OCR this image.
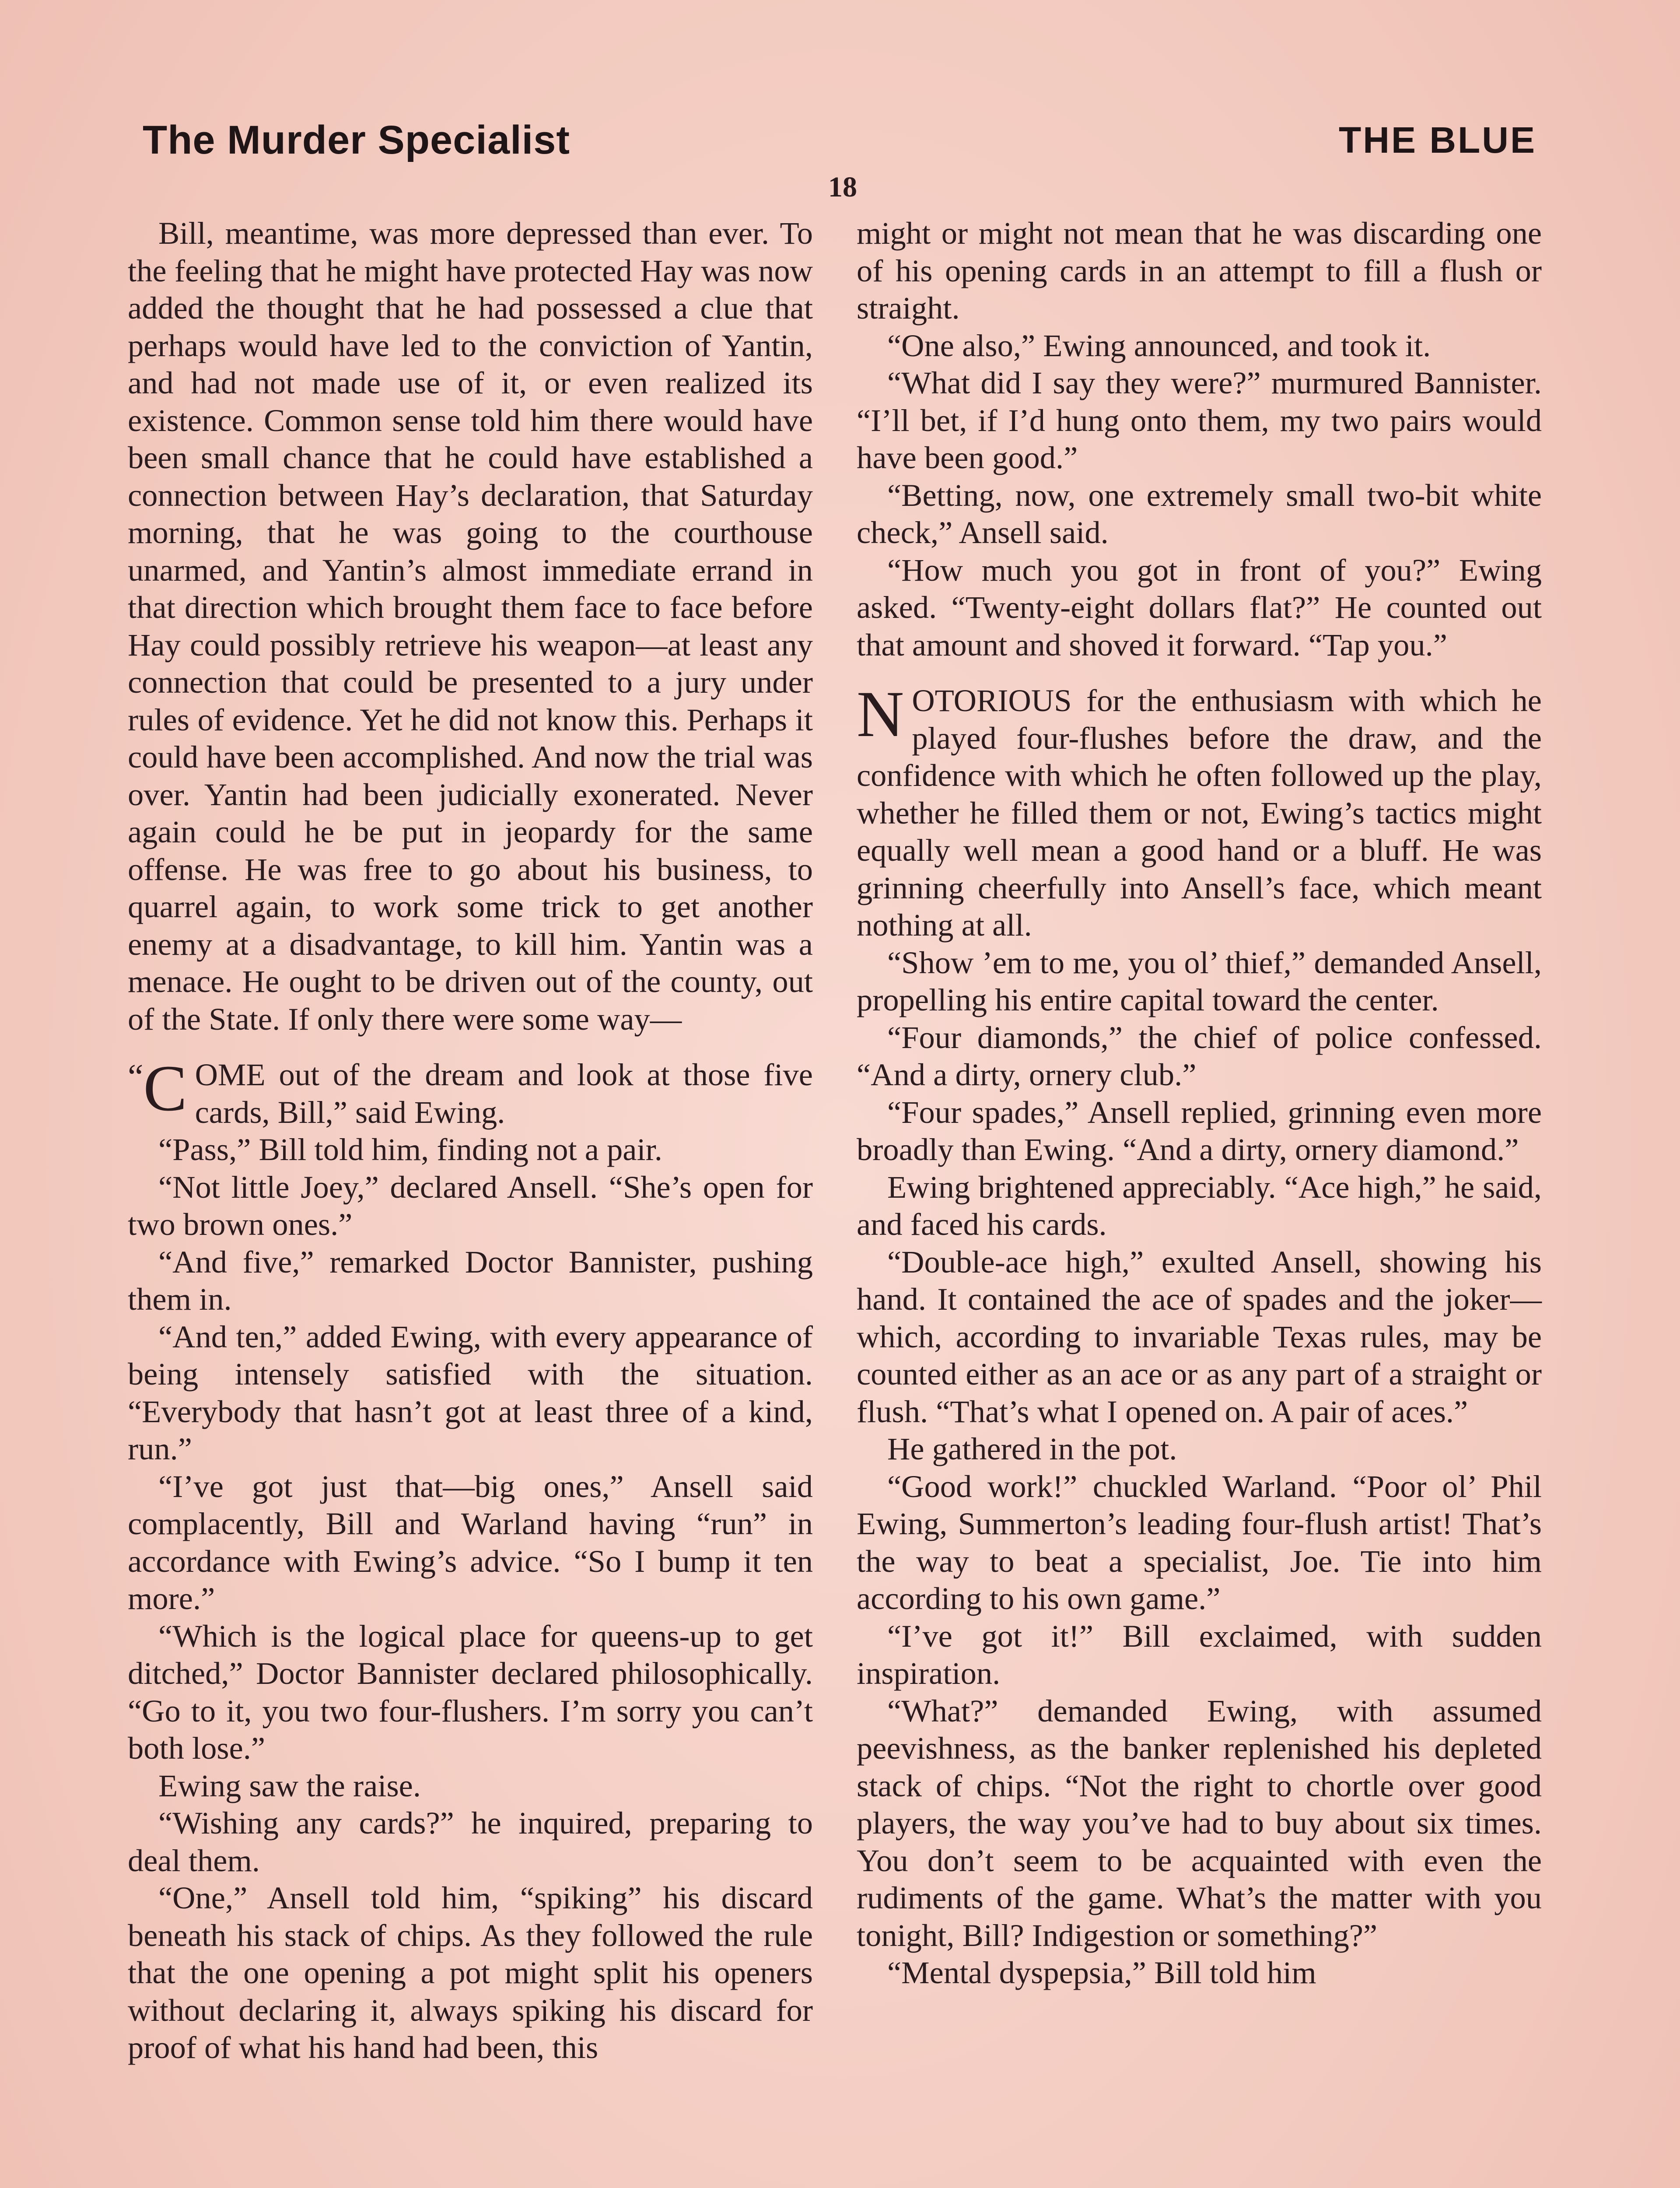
The Murder Specialist	THE BLUE
18

Bill, meantime, was more depressed than ever. To the feeling that he might have protected Hay was now added the thought that he had possessed a clue that perhaps would have led to the conviction of Yantin, and had not made use of it, or even realized its existence. Common sense told him there would have been small chance that he could have established a connection between Hay’s declaration, that Saturday morning, that he was going to the courthouse unarmed, and Yantin’s almost immediate errand in that direction which brought them face to face before Hay could possibly retrieve his weapon—at least any connection that could be presented to a jury under rules of evidence. Yet he did not know this. Perhaps it could have been accomplished. And now the trial was over. Yantin had been judicially exonerated. Never again could he be put in jeopardy for the same offense. He was free to go about his business, to quarrel again, to work some trick to get another enemy at a disadvantage, to kill him. Yantin was a menace. He ought to be driven out of the county, out of the State. If only there were some way—

“ C OME out of the dream and look at those five cards, Bill,” said Ewing.

“Pass,” Bill told him, finding not a pair.

“Not little Joey,” declared Ansell. “She’s open for two brown ones.”

“And five,” remarked Doctor Bannister, pushing them in.

“And ten,” added Ewing, with every appearance of being intensely satisfied with the situation. “Everybody that hasn’t got at least three of a kind, run.”

“I’ve got just that—big ones,” Ansell said complacently, Bill and Warland having “run” in accordance with Ewing’s advice. “So I bump it ten more.”

“Which is the logical place for queens-up to get ditched,” Doctor Bannister declared philosophically. “Go to it, you two four-flushers. I’m sorry you can’t both lose.”

Ewing saw the raise.

“Wishing any cards?” he inquired, preparing to deal them.

“One,” Ansell told him, “spiking” his discard beneath his stack of chips. As they followed the rule that the one opening a pot might split his openers without declaring it, always spiking his discard for proof of what his hand had been, this

might or might not mean that he was discarding one of his opening cards in an attempt to fill a flush or straight.

“One also,” Ewing announced, and took it.

“What did I say they were?” murmured Bannister. “I’ll bet, if I’d hung onto them, my two pairs would have been good.”

“Betting, now, one extremely small two-bit white check,” Ansell said.

“How much you got in front of you?” Ewing asked. “Twenty-eight dollars flat?” He counted out that amount and shoved it forward. “Tap you.”

NOTORIOUS for the enthusiasm with which he played four-flushes before the draw, and the confidence with which he often followed up the play, whether he filled them or not, Ewing’s tactics might equally well mean a good hand or a bluff. He was grinning cheerfully into Ansell’s face, which meant nothing at all.

“Show ’em to me, you ol’ thief,” demanded Ansell, propelling his entire capital toward the center.

“Four diamonds,” the chief of police confessed. “And a dirty, ornery club.”

“Four spades,” Ansell replied, grinning even more broadly than Ewing. “And a dirty, ornery diamond.”

Ewing brightened appreciably. “Ace high,” he said, and faced his cards.

“Double-ace high,” exulted Ansell, showing his hand. It contained the ace of spades and the joker—which, according to invariable Texas rules, may be counted either as an ace or as any part of a straight or flush. “That’s what I opened on. A pair of aces.”

He gathered in the pot.

“Good work!” chuckled Warland. “Poor ol’ Phil Ewing, Summerton’s leading four-flush artist! That’s the way to beat a specialist, Joe. Tie into him according to his own game.”

“I’ve got it!” Bill exclaimed, with sudden inspiration.

“What?” demanded Ewing, with assumed peevishness, as the banker replenished his depleted stack of chips. “Not the right to chortle over good players, the way you’ve had to buy about six times. You don’t seem to be acquainted with even the rudiments of the game. What’s the matter with you tonight, Bill? Indigestion or something?”

“Mental dyspepsia,” Bill told him
